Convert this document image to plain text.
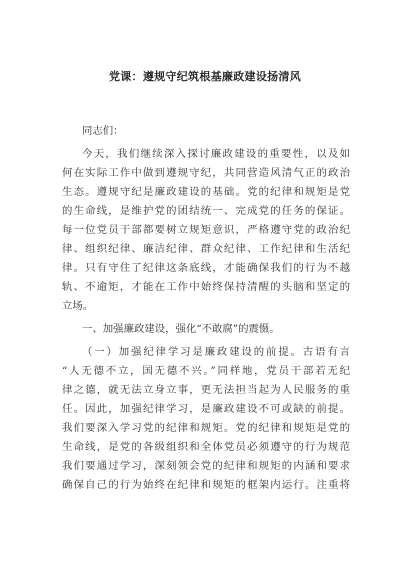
党课：遵规守纪筑根基廉政建设扬清风
同志们：
今天，我们继续深入探讨廉政建设的重要性，以及如
何在实际工作中做到遵规守纪，共同营造风清气正的政治
生态。遵规守纪是廉政建设的基础。党的纪律和规矩是党
的生命线，是维护党的团结统一、完成党的任务的保证。
每一位党员干部都要树立规矩意识，严格遵守党的政治纪
律、组织纪律、廉洁纪律、群众纪律、工作纪律和生活纪
律。只有守住了纪律这条底线，才能确保我们的行为不越
轨、不逾矩，才能在工作中始终保持清醒的头脑和坚定的
立场。
一、加强廉政建设，强化“不敢腐”的震慑。
（一）加强纪律学习是廉政建设的前提。古语有言
“人无德不立，国无德不兴。”同样地，党员干部若无纪
律之德，就无法立身立事，更无法担当起为人民服务的重
任。因此，加强纪律学习，是廉政建设不可或缺的前提。
我们要深入学习党的纪律和规矩。党的纪律和规矩是党的
生命线，是党的各级组织和全体党员必须遵守的行为规范
我们要通过学习，深刻领会党的纪律和规矩的内涵和要求
确保自己的行为始终在纪律和规矩的框架内运行。注重将
